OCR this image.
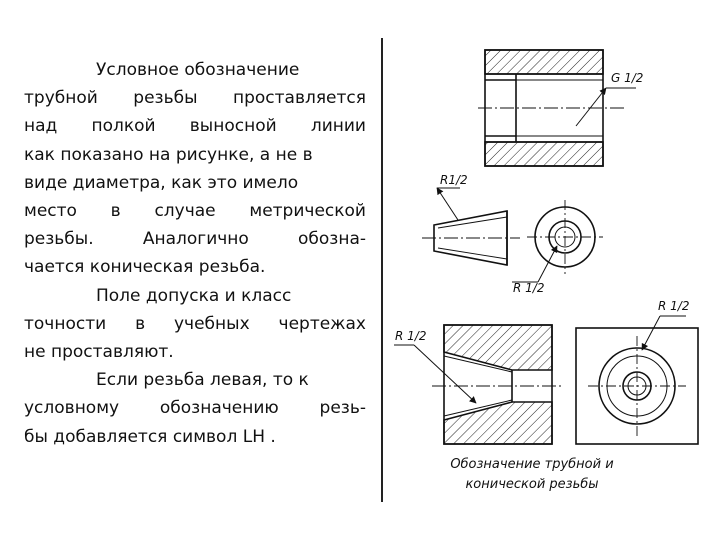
Условное обозначение
трубной резьбы проставляется
над полкой выносной линии
как показано на рисунке, а не в
виде диаметра, как это имело
место в случае метрической
резьбы.	Аналогично	обозна-
чается коническая резьба.
Поле допуска и класс
точности в учебных чертежах
не проставляют.
Если резьба левая, то к
условному обозначению резь-
бы добавляется символ LH .
G 1/2
R1/2
R 1/2
R 1/2
R 1/2
Обозначение трубной и
конической резьбы
